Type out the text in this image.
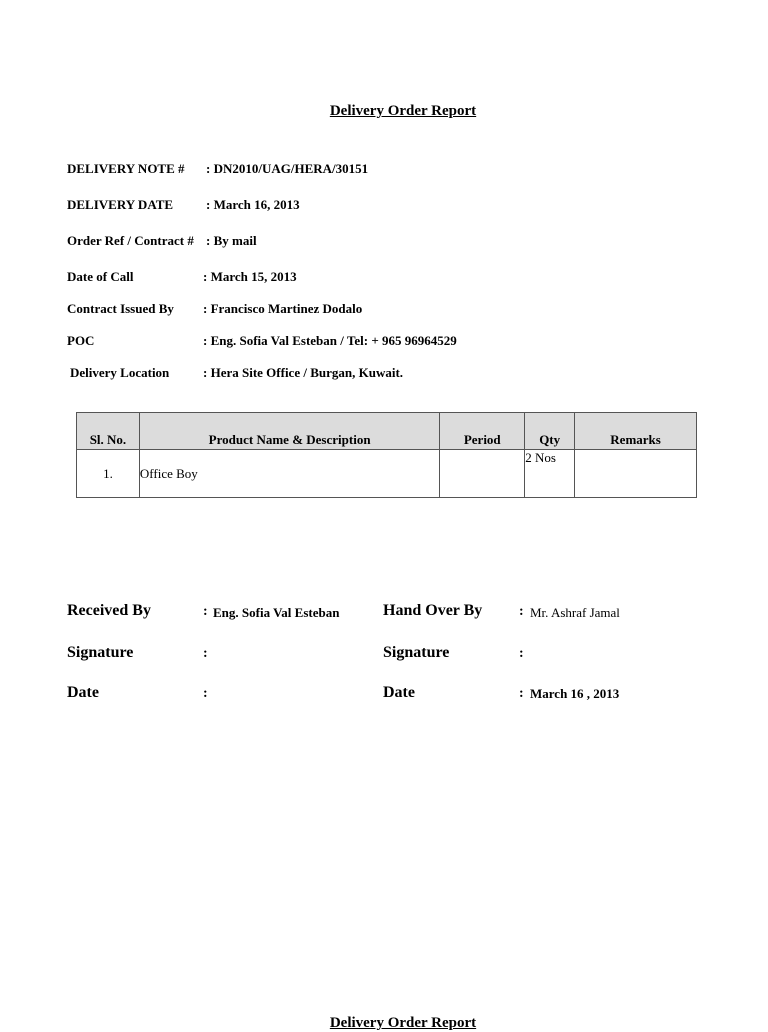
Delivery Order Report
DELIVERY NOTE # : DN2010/UAG/HERA/30151
DELIVERY DATE	: March 16, 2013
Order Ref / Contract # : By mail
Date of Call	: March 15, 2013
Contract Issued By : Francisco Martinez Dodalo
POC	: Eng. Sofia Val Esteban / Tel: + 965 96964529
Delivery Location	: Hera Site Office / Burgan, Kuwait.
Sl. No.	Product Name & Description	Period	Qty	Remarks
1.	Office Boy		2 Nos	
Received By	: Eng. Sofia Val Esteban	Hand Over By	: Mr. Ashraf Jamal
Signature	:	Signature	:
Date	:	Date	: March 16 , 2013
Delivery Order Report
